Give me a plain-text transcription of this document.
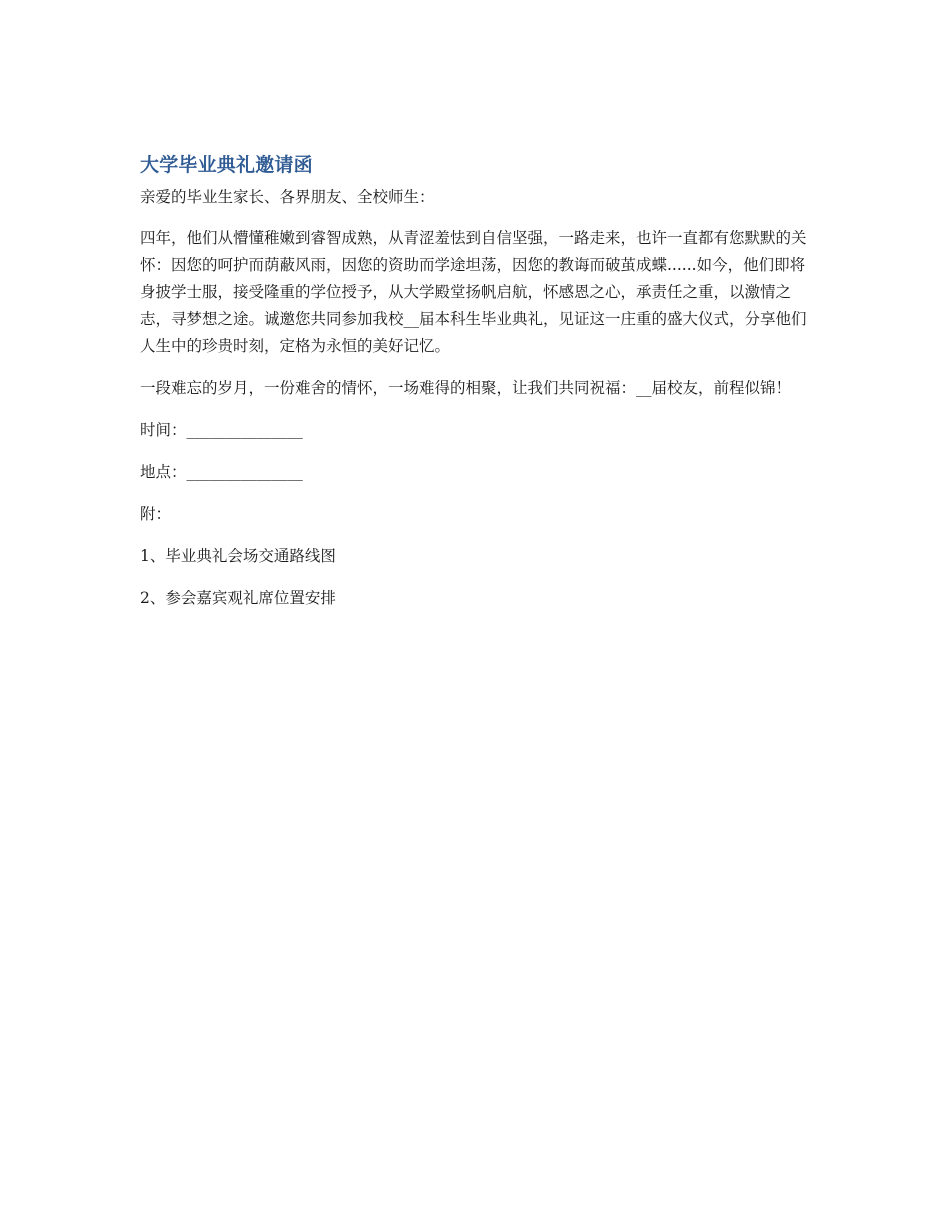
大学毕业典礼邀请函
亲爱的毕业生家长、各界朋友、全校师生：
四年，他们从懵懂稚嫩到睿智成熟，从青涩羞怯到自信坚强，一路走来，也许一直都有您默默的关怀：因您的呵护而荫蔽风雨，因您的资助而学途坦荡，因您的教诲而破茧成蝶......如今，他们即将身披学士服，接受隆重的学位授予，从大学殿堂扬帆启航，怀感恩之心，承责任之重，以激情之志，寻梦想之途。诚邀您共同参加我校__届本科生毕业典礼，见证这一庄重的盛大仪式，分享他们人生中的珍贵时刻，定格为永恒的美好记忆。
一段难忘的岁月，一份难舍的情怀，一场难得的相聚，让我们共同祝福：__届校友，前程似锦！
时间：_______________
地点：_______________
附：
1、毕业典礼会场交通路线图
2、参会嘉宾观礼席位置安排
